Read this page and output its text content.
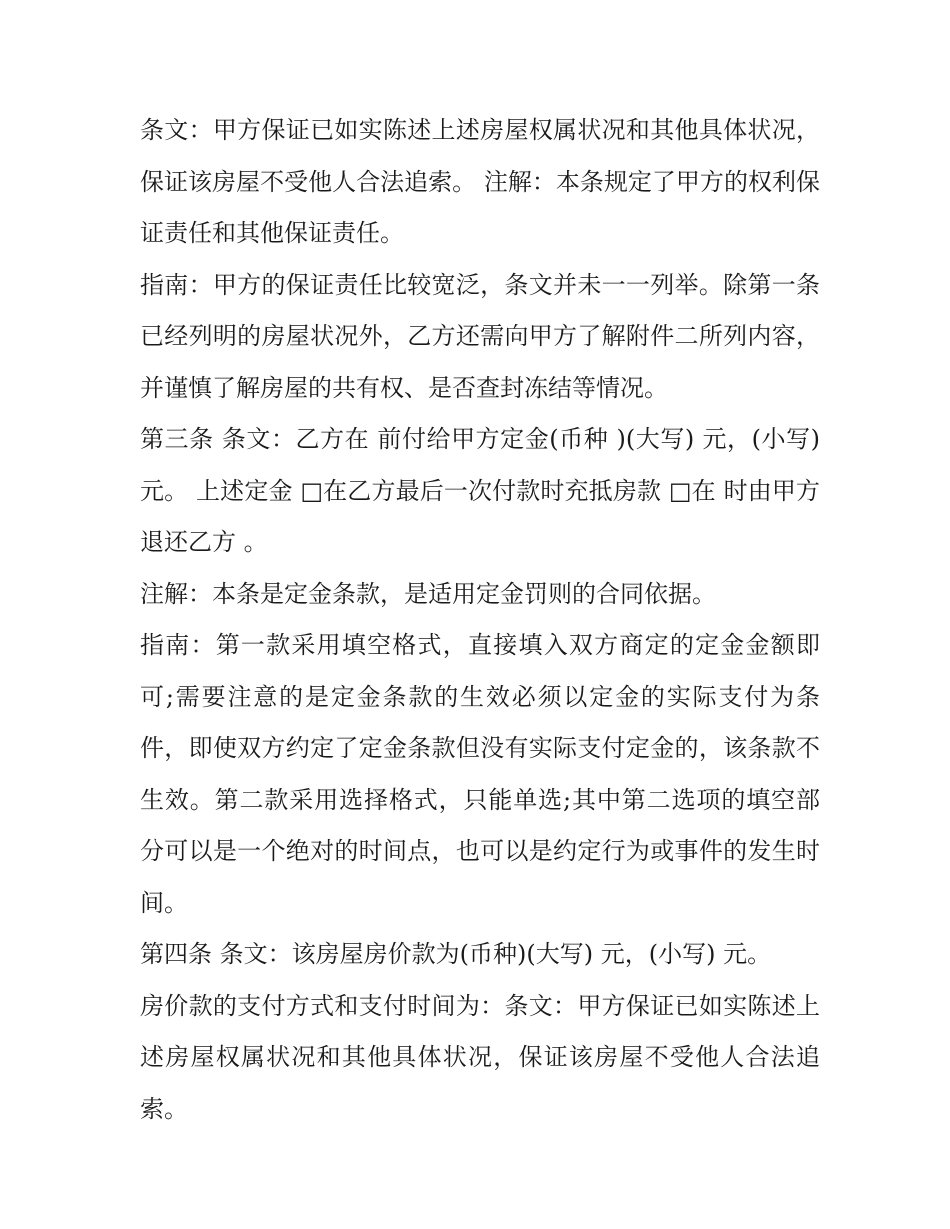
条文：甲方保证已如实陈述上述房屋权属状况和其他具体状况，保证该房屋不受他人合法追索。 注解：本条规定了甲方的权利保证责任和其他保证责任。

指南：甲方的保证责任比较宽泛，条文并未一一列举。除第一条已经列明的房屋状况外，乙方还需向甲方了解附件二所列内容，并谨慎了解房屋的共有权、是否查封冻结等情况。

第三条 条文：乙方在 前付给甲方定金(币种 )(大写) 元，(小写) 元。 上述定金 □在乙方最后一次付款时充抵房款 □在 时由甲方退还乙方 。

注解：本条是定金条款，是适用定金罚则的合同依据。

指南：第一款采用填空格式，直接填入双方商定的定金金额即可;需要注意的是定金条款的生效必须以定金的实际支付为条件，即使双方约定了定金条款但没有实际支付定金的，该条款不生效。第二款采用选择格式，只能单选;其中第二选项的填空部分可以是一个绝对的时间点，也可以是约定行为或事件的发生时间。

第四条 条文：该房屋房价款为(币种)(大写) 元，(小写) 元。

房价款的支付方式和支付时间为：条文：甲方保证已如实陈述上述房屋权属状况和其他具体状况，保证该房屋不受他人合法追索。
